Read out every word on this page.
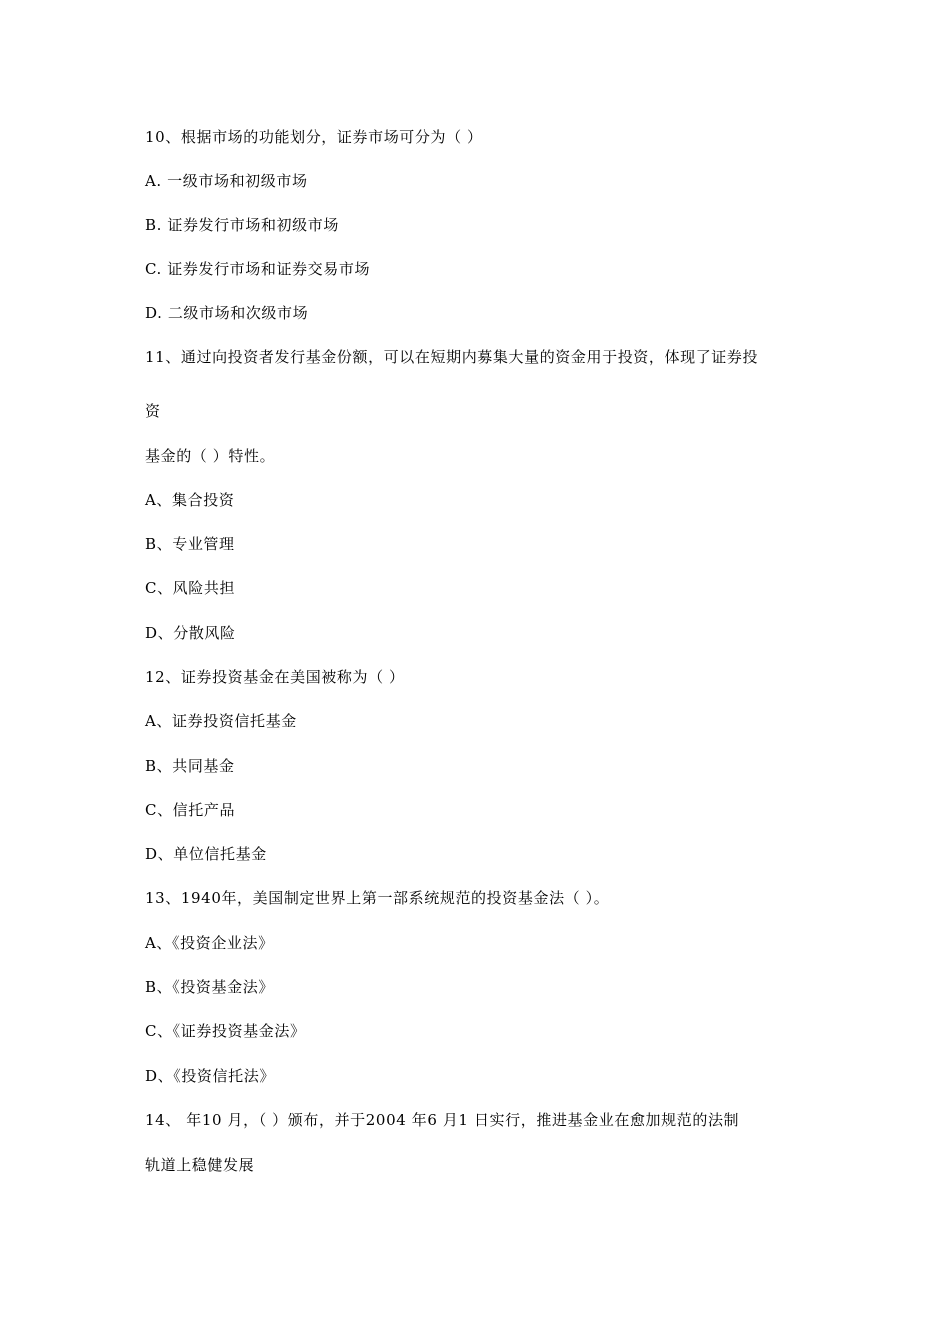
10、根据市场的功能划分，证券市场可分为（ ）
A. 一级市场和初级市场
B. 证券发行市场和初级市场
C. 证券发行市场和证券交易市场
D. 二级市场和次级市场
11、通过向投资者发行基金份额，可以在短期内募集大量的资金用于投资，体现了证券投
资
基金的（ ）特性。
A、集合投资
B、专业管理
C、风险共担
D、分散风险
12、证券投资基金在美国被称为（ ）
A、证券投资信托基金
B、共同基金
C、信托产品
D、单位信托基金
13、1940年，美国制定世界上第一部系统规范的投资基金法（ ）。
A、《投资企业法》
B、《投资基金法》
C、《证券投资基金法》
D、《投资信托法》
14、 年10 月，（ ）颁布，并于2004 年6 月1 日实行，推进基金业在愈加规范的法制
轨道上稳健发展
